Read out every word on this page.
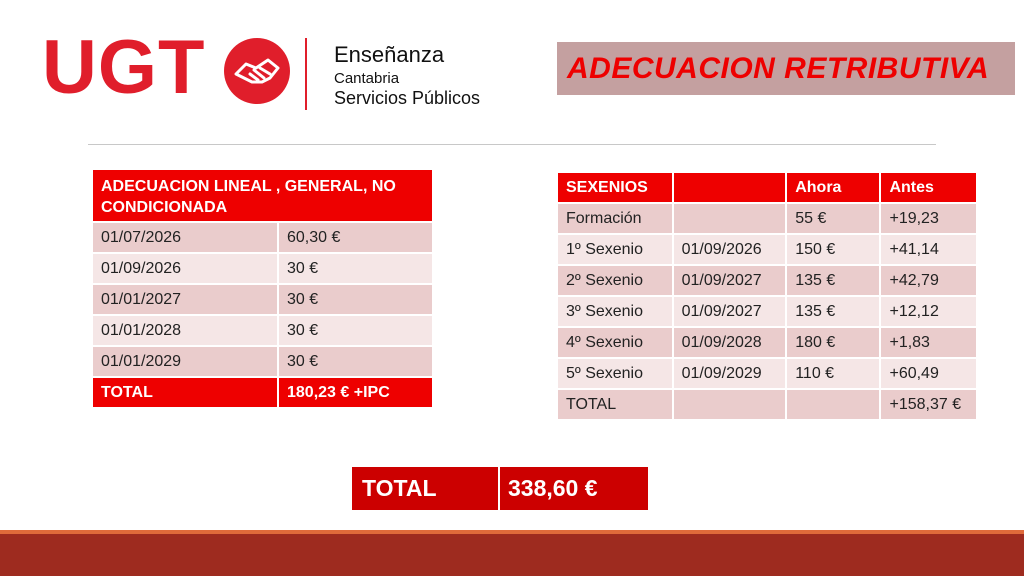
UGT	Enseñanza
Cantabria
Servicios Públicos
ADECUACION RETRIBUTIVA
ADECUACION LINEAL , GENERAL, NO CONDICIONADA	
01/07/2026	60,30 €
01/09/2026	30 €
01/01/2027	30 €
01/01/2028	30 €
01/01/2029	30 €
TOTAL	180,23 € +IPC
SEXENIOS		Ahora	Antes
Formación		55 €	+19,23
1º Sexenio	01/09/2026	150 €	+41,14
2º Sexenio	01/09/2027	135 €	+42,79
3º Sexenio	01/09/2027	135 €	+12,12
4º Sexenio	01/09/2028	180 €	+1,83
5º Sexenio	01/09/2029	110 €	+60,49
TOTAL			+158,37 €
TOTAL	338,60 €
